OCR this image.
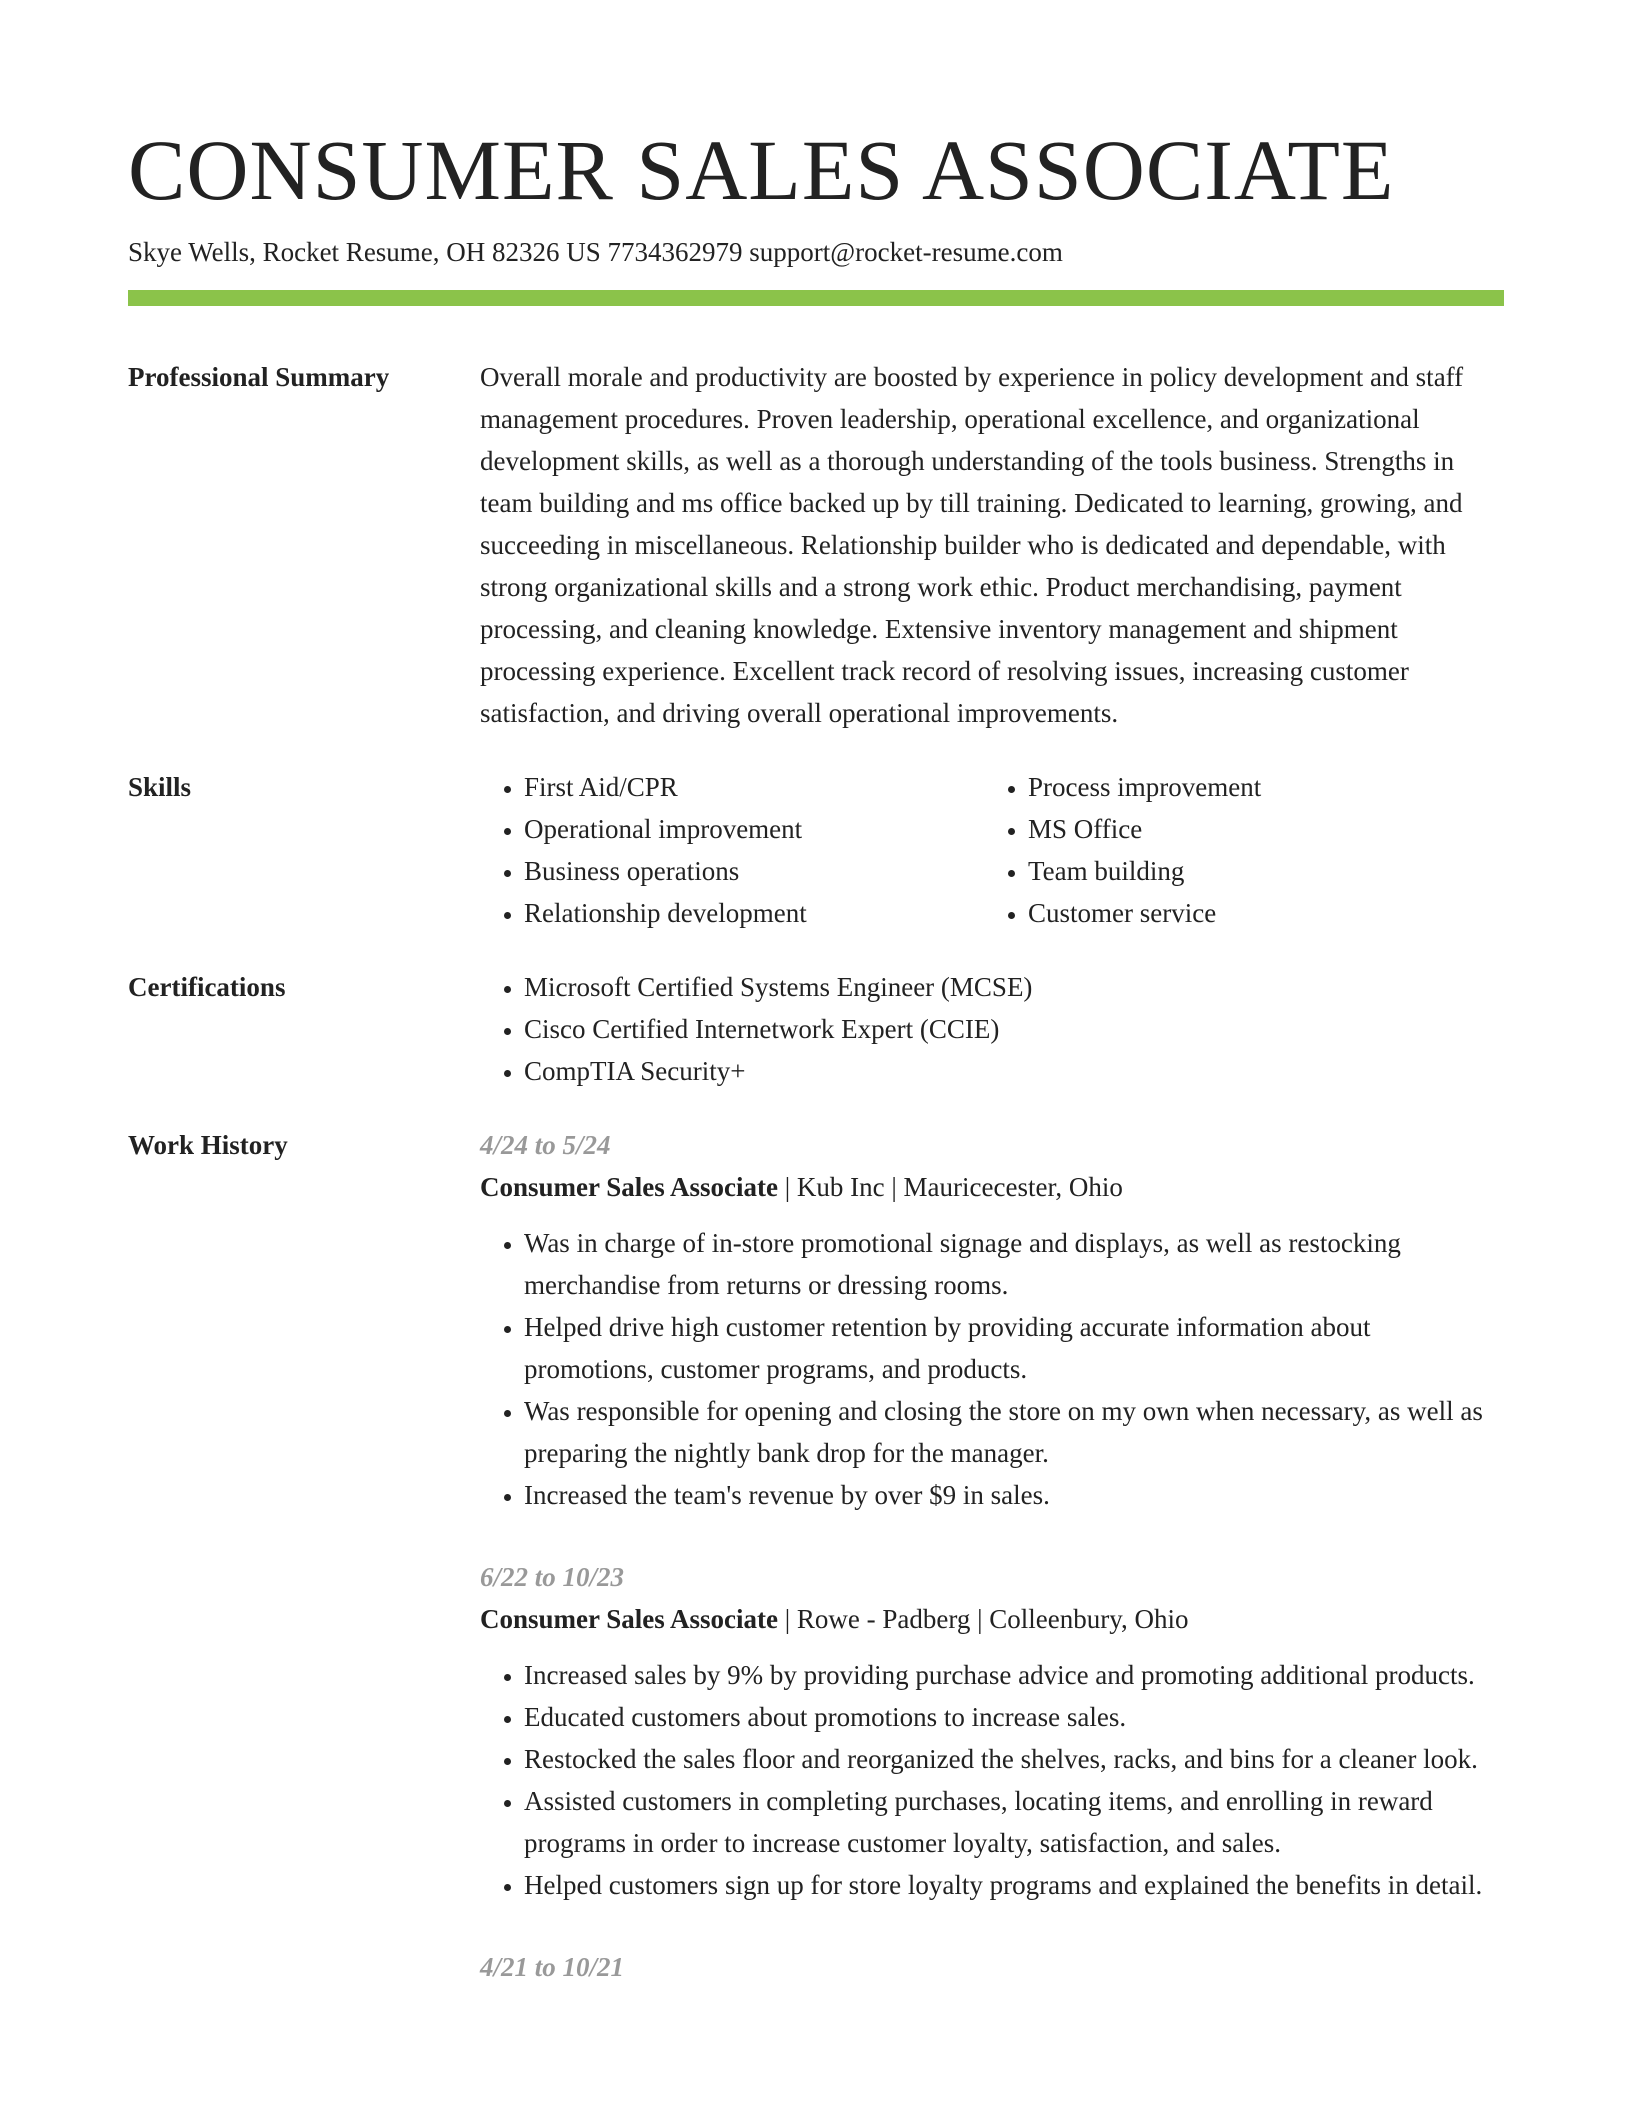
CONSUMER SALES ASSOCIATE
Skye Wells, Rocket Resume, OH 82326 US 7734362979 support@rocket-resume.com
Professional Summary	Overall morale and productivity are boosted by experience in policy development and staff management procedures. Proven leadership, operational excellence, and organizational development skills, as well as a thorough understanding of the tools business. Strengths in team building and ms office backed up by till training. Dedicated to learning, growing, and succeeding in miscellaneous. Relationship builder who is dedicated and dependable, with strong organizational skills and a strong work ethic. Product merchandising, payment processing, and cleaning knowledge. Extensive inventory management and shipment processing experience. Excellent track record of resolving issues, increasing customer satisfaction, and driving overall operational improvements.
Skills	• First Aid/CPR
• Operational improvement
• Business operations
• Relationship development
• Process improvement
• MS Office
• Team building
• Customer service
Certifications	• Microsoft Certified Systems Engineer (MCSE)
• Cisco Certified Internetwork Expert (CCIE)
• CompTIA Security+
Work History	4/24 to 5/24
Consumer Sales Associate | Kub Inc | Mauricecester, Ohio
• Was in charge of in-store promotional signage and displays, as well as restocking merchandise from returns or dressing rooms.
• Helped drive high customer retention by providing accurate information about promotions, customer programs, and products.
• Was responsible for opening and closing the store on my own when necessary, as well as preparing the nightly bank drop for the manager.
• Increased the team's revenue by over $9 in sales.
6/22 to 10/23
Consumer Sales Associate | Rowe - Padberg | Colleenbury, Ohio
• Increased sales by 9% by providing purchase advice and promoting additional products.
• Educated customers about promotions to increase sales.
• Restocked the sales floor and reorganized the shelves, racks, and bins for a cleaner look.
• Assisted customers in completing purchases, locating items, and enrolling in reward programs in order to increase customer loyalty, satisfaction, and sales.
• Helped customers sign up for store loyalty programs and explained the benefits in detail.
4/21 to 10/21
